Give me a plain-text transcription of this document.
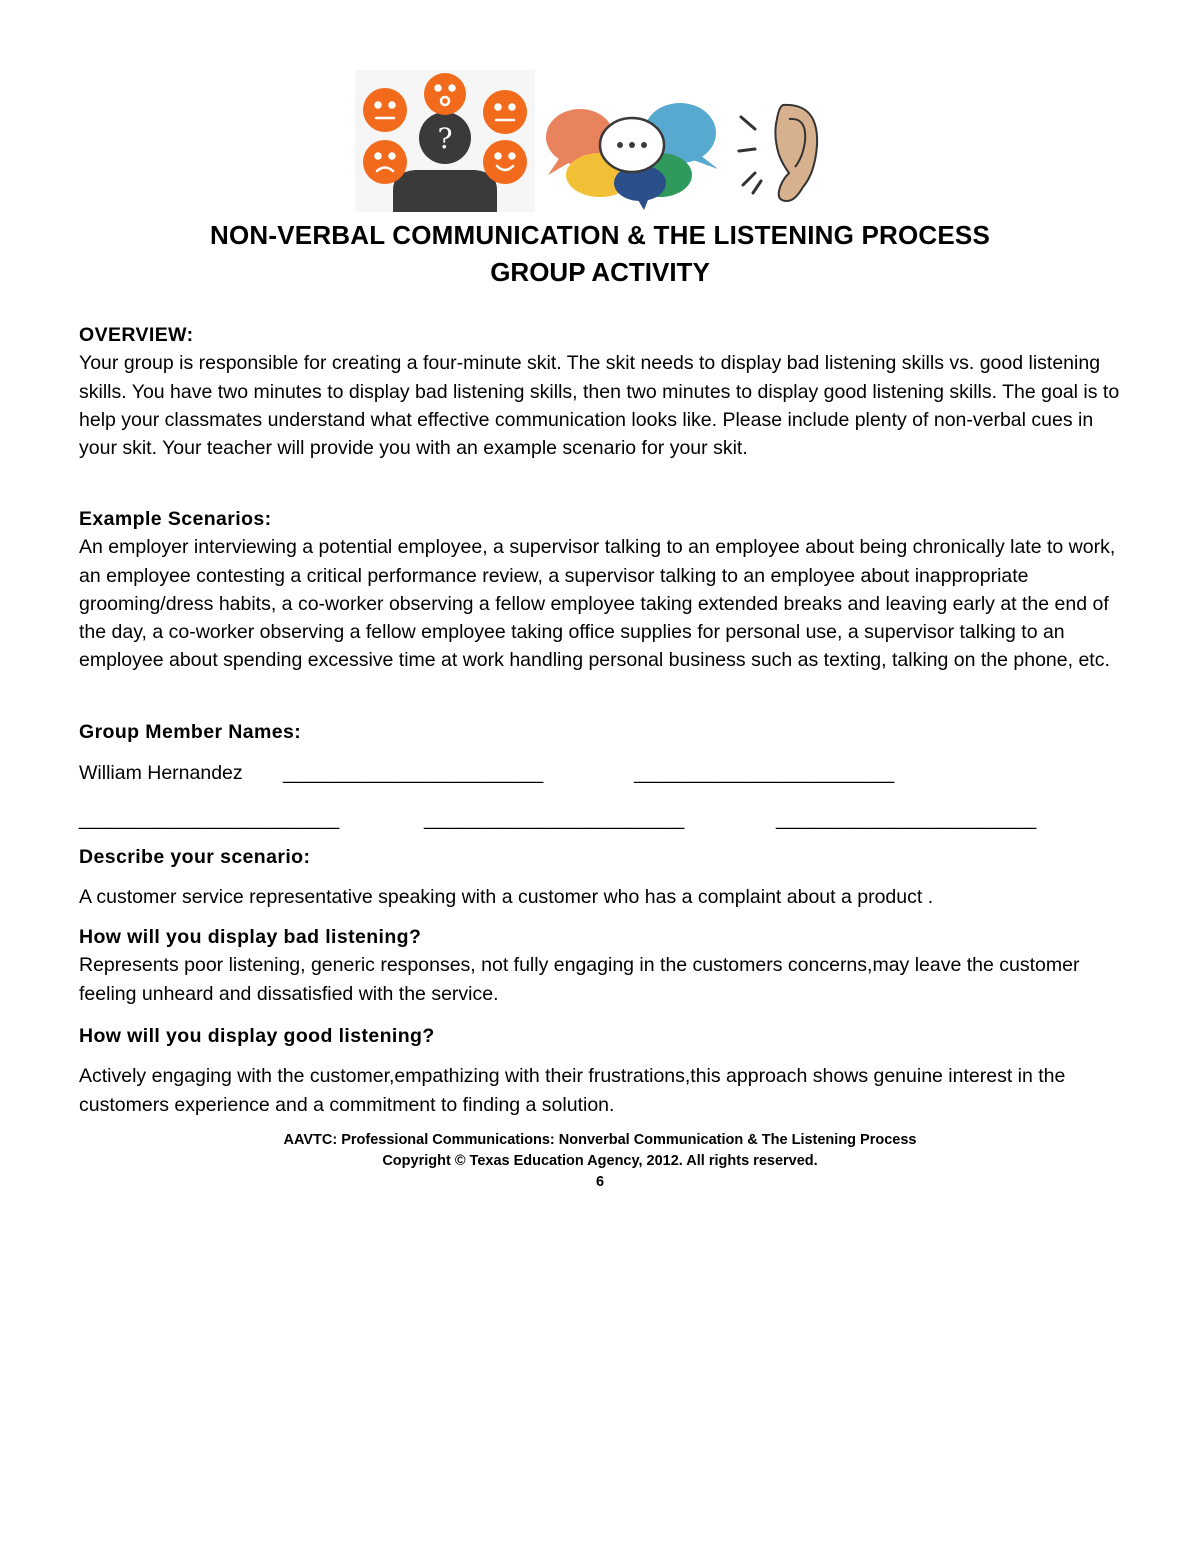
?
NON-VERBAL COMMUNICATION & THE LISTENING PROCESS
GROUP ACTIVITY

OVERVIEW:

Your group is responsible for creating a four-minute skit. The skit needs to display bad listening skills vs. good listening skills. You have two minutes to display bad listening skills, then two minutes to display good listening skills. The goal is to help your classmates understand what effective communication looks like. Please include plenty of non-verbal cues in your skit. Your teacher will provide you with an example scenario for your skit.

Example Scenarios:

An employer interviewing a potential employee, a supervisor talking to an employee about being chronically late to work, an employee contesting a critical performance review, a supervisor talking to an employee about inappropriate grooming/dress habits, a co-worker observing a fellow employee taking extended breaks and leaving early at the end of the day, a co-worker observing a fellow employee taking office supplies for personal use, a supervisor talking to an employee about spending excessive time at work handling personal business such as texting, talking on the phone, etc.

Group Member Names:

William Hernandez ________________________	________________________
________________________	________________________	________________________

Describe your scenario:

A customer service representative speaking with a customer who has a complaint about a product .

How will you display bad listening?

Represents poor listening, generic responses, not fully engaging in the customers concerns,may leave the customer feeling unheard and dissatisfied with the service.

How will you display good listening?

Actively engaging with the customer,empathizing with their frustrations,this approach shows genuine interest in the customers experience and a commitment to finding a solution.

AAVTC: Professional Communications: Nonverbal Communication & The Listening Process
Copyright © Texas Education Agency, 2012. All rights reserved.
6
